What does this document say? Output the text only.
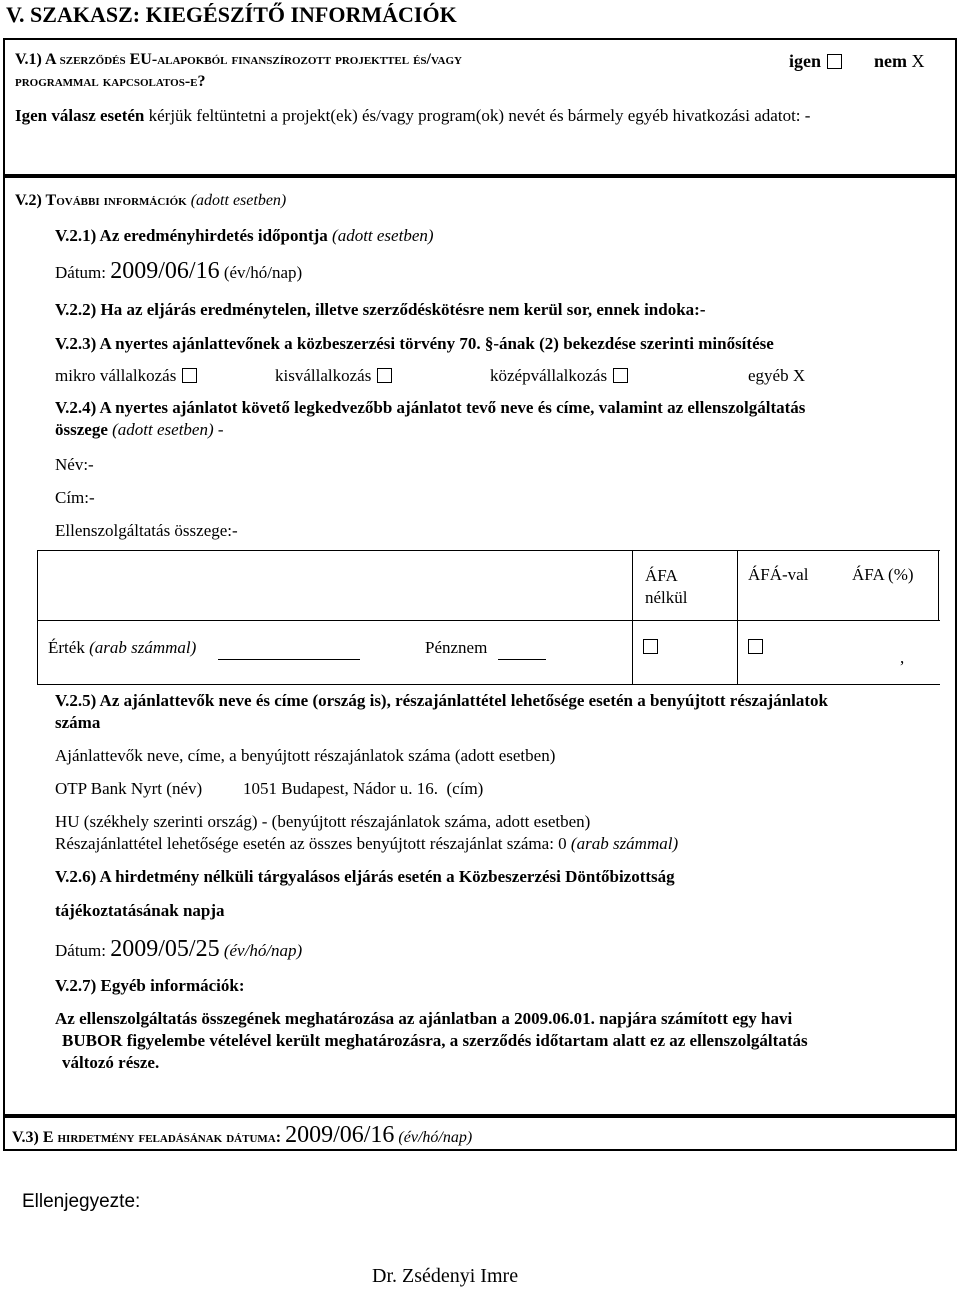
V. SZAKASZ: KIEGÉSZÍTŐ INFORMÁCIÓK
V.1) A szerződés EU-alapokból finanszírozott projekttel és/vagy
programmal kapcsolatos-e?
igen	nem X
Igen válasz esetén kérjük feltüntetni a projekt(ek) és/vagy program(ok) nevét és bármely egyéb hivatkozási adatot: -
V.2) További információk (adott esetben)
V.2.1) Az eredményhirdetés időpontja (adott esetben)
Dátum: 2009/06/16 (év/hó/nap)
V.2.2) Ha az eljárás eredménytelen, illetve szerződéskötésre nem kerül sor, ennek indoka:-
V.2.3) A nyertes ajánlattevőnek a közbeszerzési törvény 70. §-ának (2) bekezdése szerinti minősítése
mikro vállalkozás	kisvállalkozás	középvállalkozás	egyéb X
V.2.4) A nyertes ajánlatot követő legkedvezőbb ajánlatot tevő neve és címe, valamint az ellenszolgáltatás
összege (adott esetben) -
Név:-
Cím:-
Ellenszolgáltatás összege:-
ÁFA
nélkül
ÁFÁ-val	ÁFA (%)
Érték (arab számmal)	Pénznem
,
V.2.5) Az ajánlattevők neve és címe (ország is), részajánlattétel lehetősége esetén a benyújtott részajánlatok
száma
Ajánlattevők neve, címe, a benyújtott részajánlatok száma (adott esetben)
OTP Bank Nyrt (név) 1051 Budapest, Nádor u. 16. (cím)
HU (székhely szerinti ország) - (benyújtott részajánlatok száma, adott esetben)
Részajánlattétel lehetősége esetén az összes benyújtott részajánlat száma: 0 (arab számmal)
V.2.6) A hirdetmény nélküli tárgyalásos eljárás esetén a Közbeszerzési Döntőbizottság
tájékoztatásának napja
Dátum: 2009/05/25 (év/hó/nap)
V.2.7) Egyéb információk:
Az ellenszolgáltatás összegének meghatározása az ajánlatban a 2009.06.01. napjára számított egy havi
BUBOR figyelembe vételével került meghatározásra, a szerződés időtartam alatt ez az ellenszolgáltatás
változó része.
V.3) E hirdetmény feladásának dátuma: 2009/06/16 (év/hó/nap)
Ellenjegyezte:
Dr. Zsédenyi Imre
